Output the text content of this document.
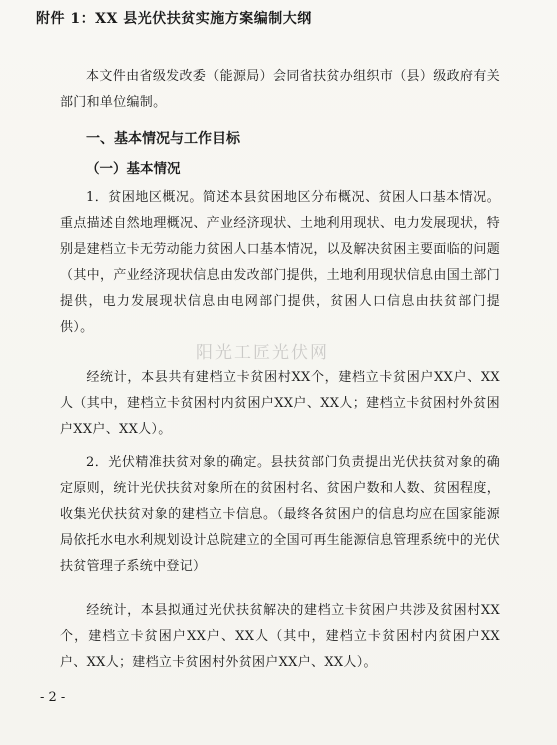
附件 1：XX 县光伏扶贫实施方案编制大纲
本文件由省级发改委（能源局）会同省扶贫办组织市（县）级政府有关部门和单位编制。
一、基本情况与工作目标
（一）基本情况
1．贫困地区概况。简述本县贫困地区分布概况、贫困人口基本情况。重点描述自然地理概况、产业经济现状、土地利用现状、电力发展现状，特别是建档立卡无劳动能力贫困人口基本情况，以及解决贫困主要面临的问题（其中，产业经济现状信息由发改部门提供，土地利用现状信息由国土部门提供，电力发展现状信息由电网部门提供，贫困人口信息由扶贫部门提供）。
经统计，本县共有建档立卡贫困村XX个，建档立卡贫困户XX户、XX人（其中，建档立卡贫困村内贫困户XX户、XX人；建档立卡贫困村外贫困户XX户、XX人）。
2．光伏精准扶贫对象的确定。县扶贫部门负责提出光伏扶贫对象的确定原则，统计光伏扶贫对象所在的贫困村名、贫困户数和人数、贫困程度，收集光伏扶贫对象的建档立卡信息。（最终各贫困户的信息均应在国家能源局依托水电水利规划设计总院建立的全国可再生能源信息管理系统中的光伏扶贫管理子系统中登记）
经统计，本县拟通过光伏扶贫解决的建档立卡贫困户共涉及贫困村XX个，建档立卡贫困户XX户、XX人（其中，建档立卡贫困村内贫困户XX户、XX人；建档立卡贫困村外贫困户XX户、XX人）。
阳光工匠光伏网
- 2 -
